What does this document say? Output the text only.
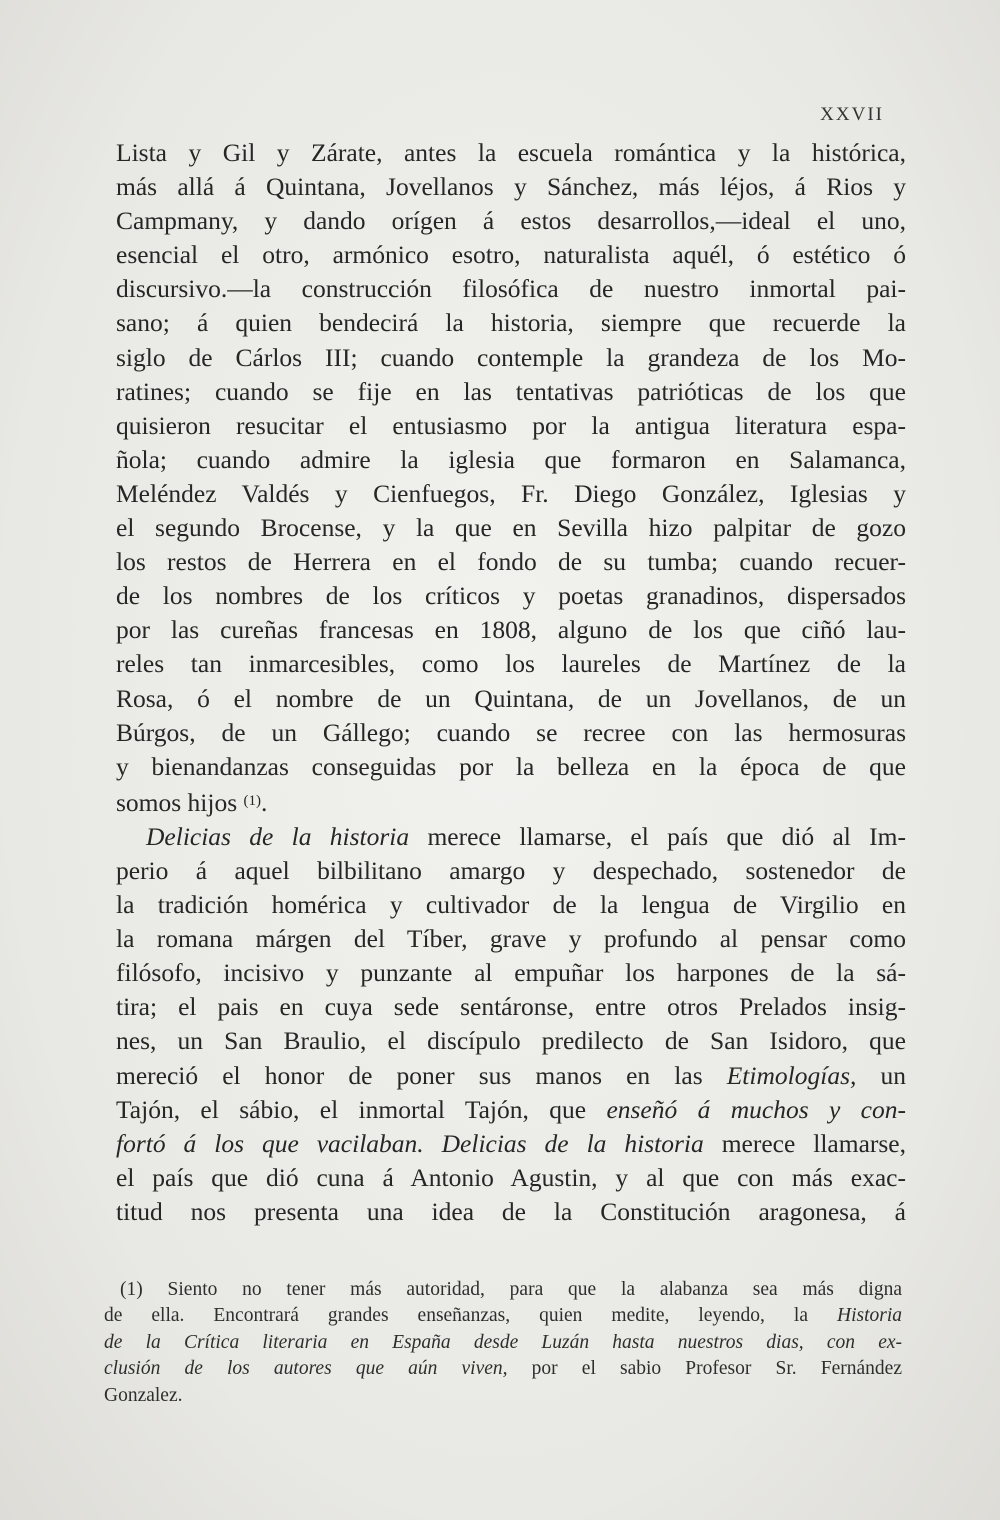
XXVII
Lista y Gil y Zárate, antes la escuela romántica y la histórica,
más allá á Quintana, Jovellanos y Sánchez, más léjos, á Rios y
Campmany, y dando orígen á estos desarrollos,—ideal el uno,
esencial el otro, armónico esotro, naturalista aquél, ó estético ó
discursivo.—la construcción filosófica de nuestro inmortal pai-
sano; á quien bendecirá la historia, siempre que recuerde la
siglo de Cárlos III; cuando contemple la grandeza de los Mo-
ratines; cuando se fije en las tentativas patrióticas de los que
quisieron resucitar el entusiasmo por la antigua literatura espa-
ñola; cuando admire la iglesia que formaron en Salamanca,
Meléndez Valdés y Cienfuegos, Fr. Diego González, Iglesias y
el segundo Brocense, y la que en Sevilla hizo palpitar de gozo
los restos de Herrera en el fondo de su tumba; cuando recuer-
de los nombres de los críticos y poetas granadinos, dispersados
por las cureñas francesas en 1808, alguno de los que ciñó lau-
reles tan inmarcesibles, como los laureles de Martínez de la
Rosa, ó el nombre de un Quintana, de un Jovellanos, de un
Búrgos, de un Gállego; cuando se recree con las hermosuras
y bienandanzas conseguidas por la belleza en la época de que
somos hijos $^{(1)}$.
Delicias de la historia merece llamarse, el país que dió al Im-
perio á aquel bilbilitano amargo y despechado, sostenedor de
la tradición homérica y cultivador de la lengua de Virgilio en
la romana márgen del Tíber, grave y profundo al pensar como
filósofo, incisivo y punzante al empuñar los harpones de la sá-
tira; el pais en cuya sede sentáronse, entre otros Prelados insig-
nes, un San Braulio, el discípulo predilecto de San Isidoro, que
mereció el honor de poner sus manos en las Etimologías, un
Tajón, el sábio, el inmortal Tajón, que enseñó á muchos y con-
fortó á los que vacilaban. Delicias de la historia merece llamarse,
el país que dió cuna á Antonio Agustin, y al que con más exac-
titud nos presenta una idea de la Constitución aragonesa, á
(1) Siento no tener más autoridad, para que la alabanza sea más digna
de ella. Encontrará grandes enseñanzas, quien medite, leyendo, la Historia
de la Crítica literaria en España desde Luzán hasta nuestros dias, con ex-
clusión de los autores que aún viven, por el sabio Profesor Sr. Fernández
Gonzalez.
